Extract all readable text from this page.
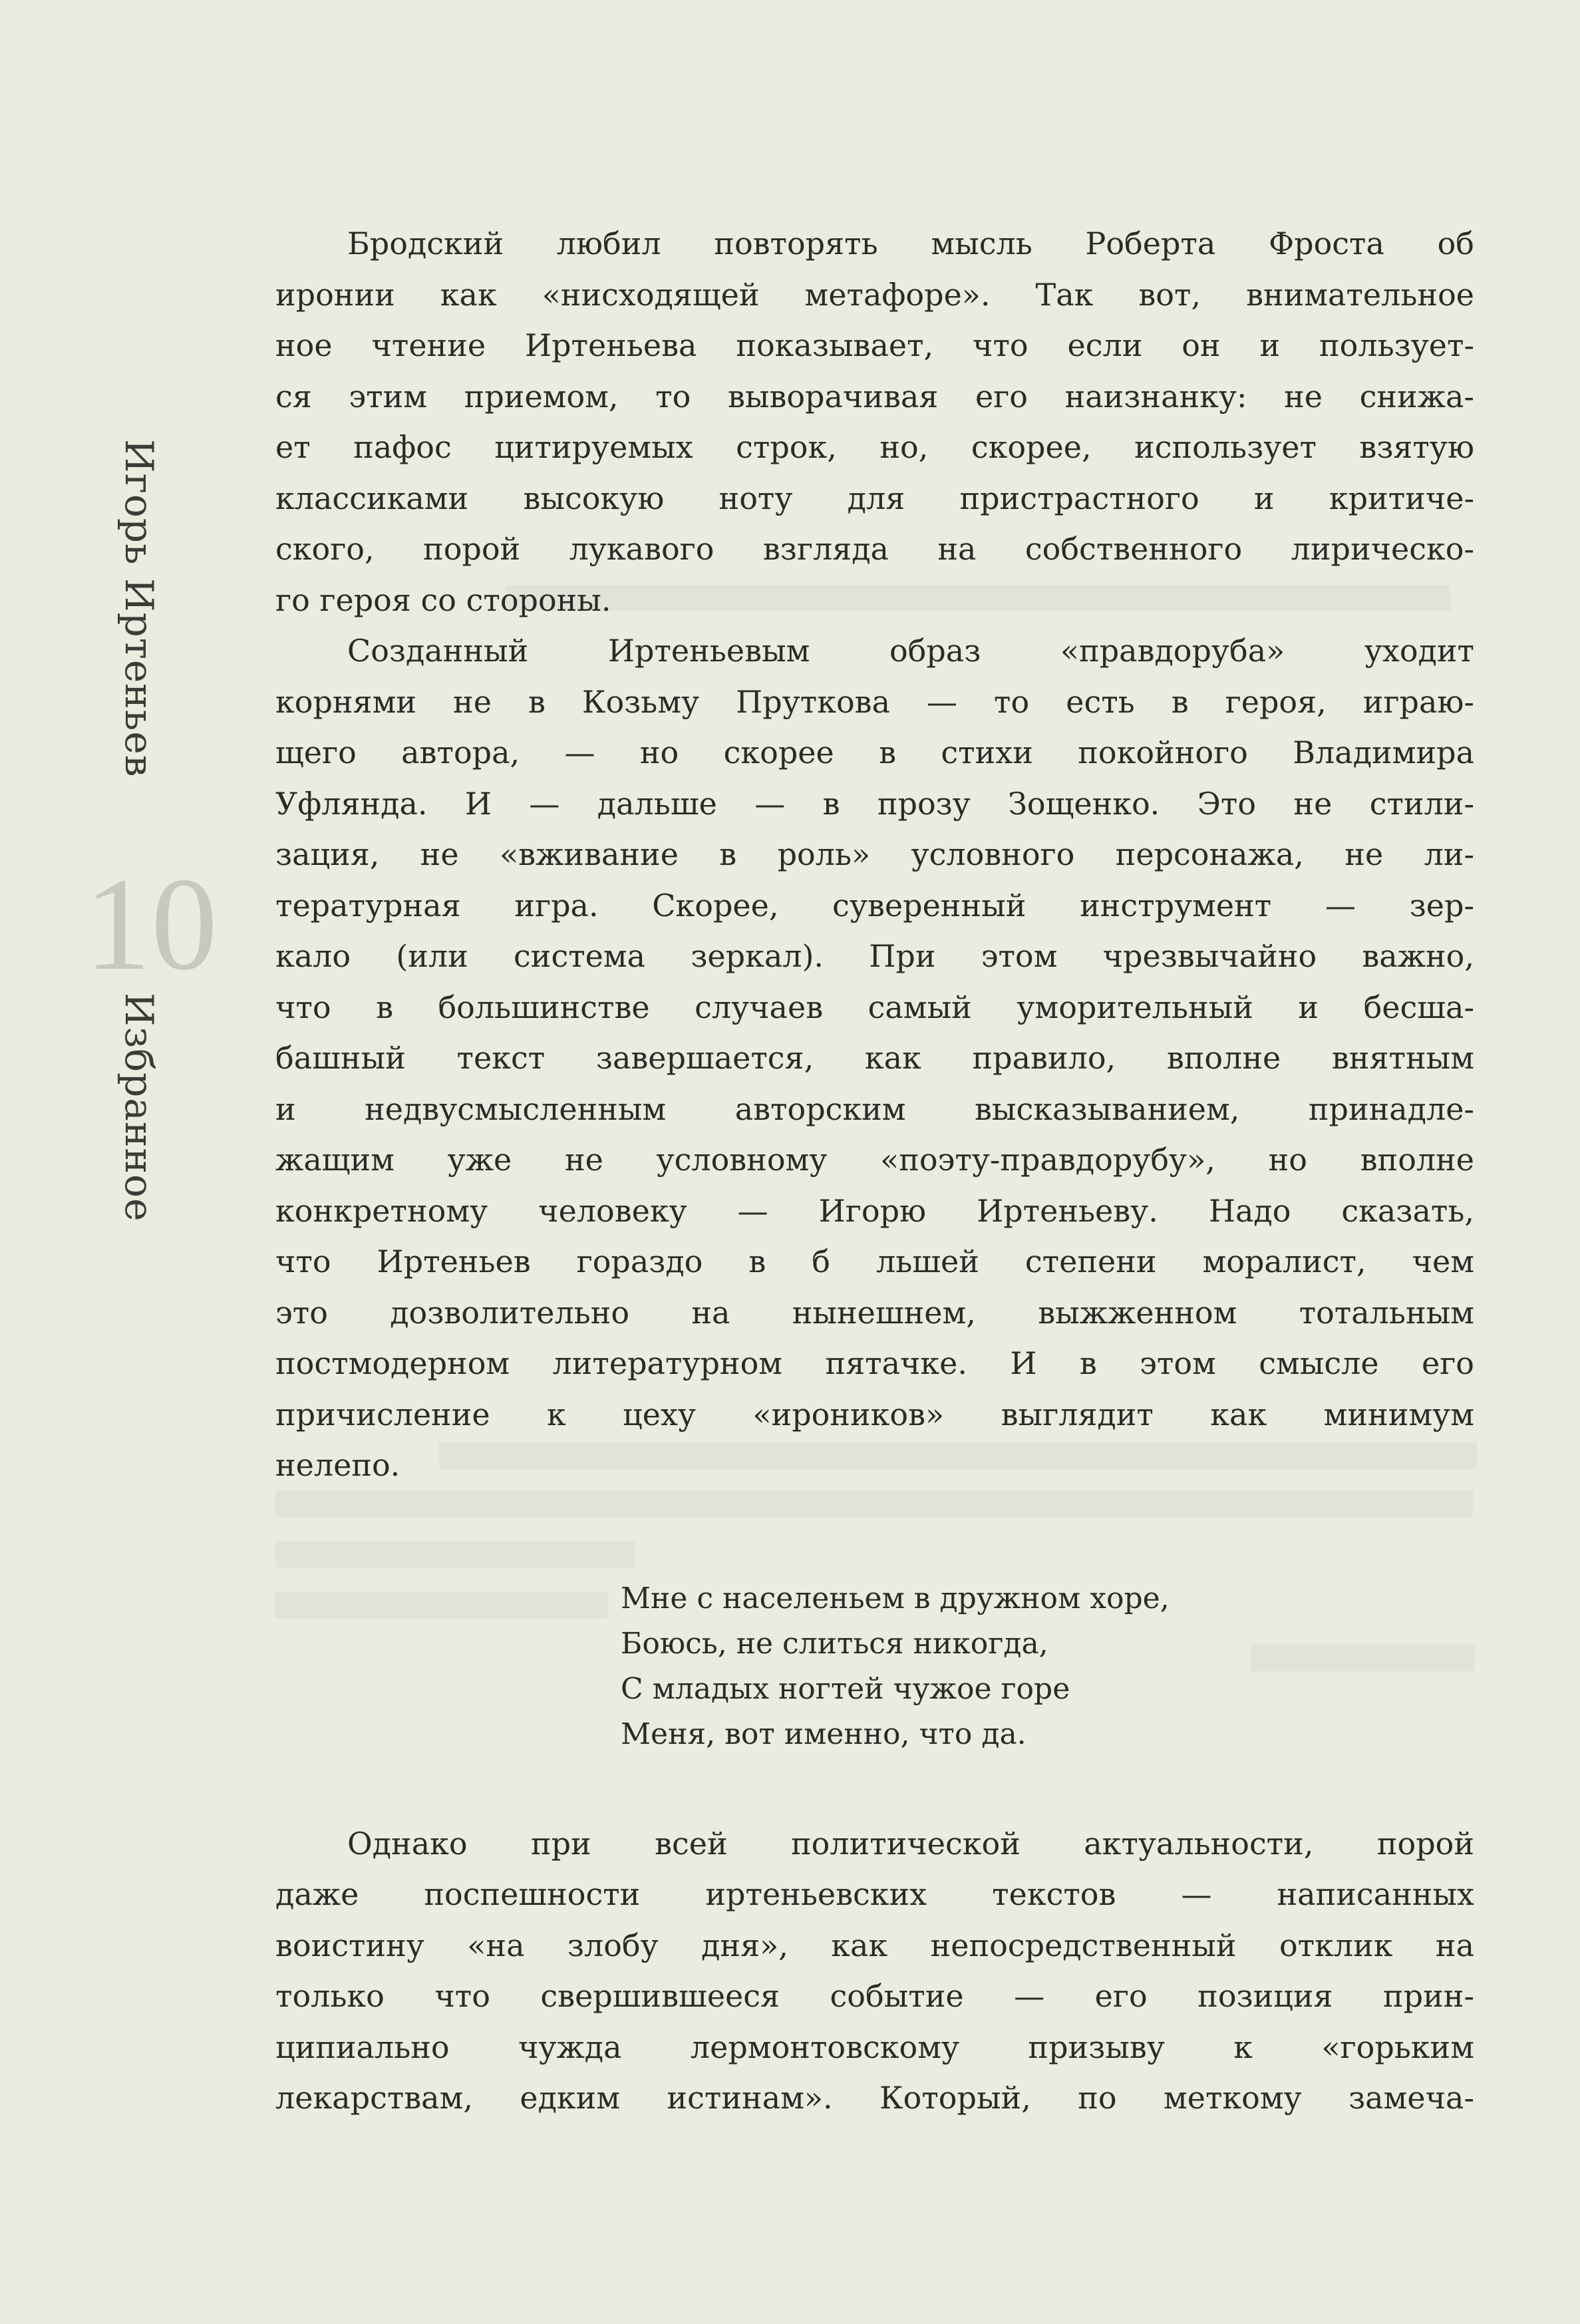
Игорь Иртеньев
10
Избранное
Бродский любил повторять мысль Роберта Фроста об
иронии как «нисходящей метафоре». Так вот, внимательное
ное чтение Иртеньева показывает, что если он и пользует-
ся этим приемом, то выворачивая его наизнанку: не снижа-
ет пафос цитируемых строк, но, скорее, использует взятую
классиками высокую ноту для пристрастного и критиче-
ского, порой лукавого взгляда на собственного лирическо-
го героя со стороны.
Созданный Иртеньевым образ «правдоруба» уходит
корнями не в Козьму Пруткова — то есть в героя, играю-
щего автора, — но скорее в стихи покойного Владимира
Уфлянда. И — дальше — в прозу Зощенко. Это не стили-
зация, не «вживание в роль» условного персонажа, не ли-
тературная игра. Скорее, суверенный инструмент — зер-
кало (или система зеркал). При этом чрезвычайно важно,
что в большинстве случаев самый уморительный и бесша-
башный текст завершается, как правило, вполне внятным
и недвусмысленным авторским высказыванием, принадле-
жащим уже не условному «поэту-правдорубу», но вполне
конкретному человеку — Игорю Иртеньеву. Надо сказать,
что Иртеньев гораздо в б льшей степени моралист, чем
это дозволительно на нынешнем, выжженном тотальным
постмодерном литературном пятачке. И в этом смысле его
причисление к цеху «ироников» выглядит как минимум
нелепо.
Мне с населеньем в дружном хоре,
Боюсь, не слиться никогда,
С младых ногтей чужое горе
Меня, вот именно, что да.
Однако при всей политической актуальности, порой
даже поспешности иртеньевских текстов — написанных
воистину «на злобу дня», как непосредственный отклик на
только что свершившееся событие — его позиция прин-
ципиально чужда лермонтовскому призыву к «горьким
лекарствам, едким истинам». Который, по меткому замеча-
